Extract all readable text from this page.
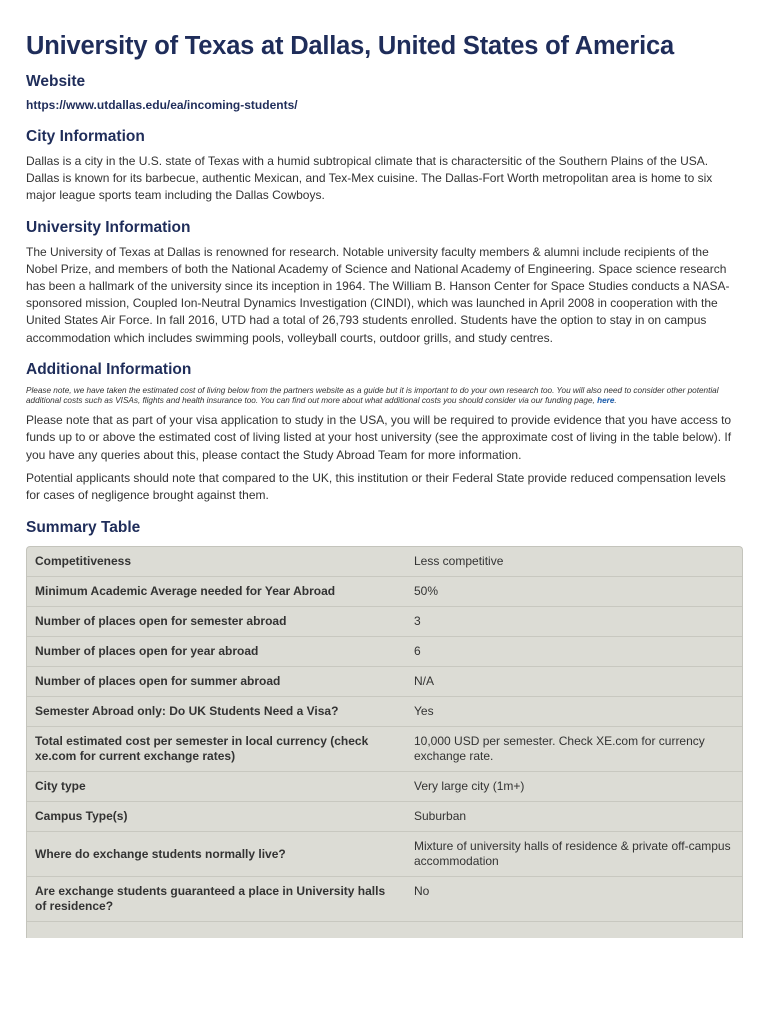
University of Texas at Dallas, United States of America
Website
https://www.utdallas.edu/ea/incoming-students/
City Information

Dallas is a city in the U.S. state of Texas with a humid subtropical climate that is charactersitic of the Southern Plains of the USA. Dallas is known for its barbecue, authentic Mexican, and Tex-Mex cuisine. The Dallas-Fort Worth metropolitan area is home to six major league sports team including the Dallas Cowboys.

University Information

The University of Texas at Dallas is renowned for research. Notable university faculty members & alumni include recipients of the Nobel Prize, and members of both the National Academy of Science and National Academy of Engineering. Space science research has been a hallmark of the university since its inception in 1964. The William B. Hanson Center for Space Studies conducts a NASA-sponsored mission, Coupled Ion-Neutral Dynamics Investigation (CINDI), which was launched in April 2008 in cooperation with the United States Air Force. In fall 2016, UTD had a total of 26,793 students enrolled. Students have the option to stay in on campus accommodation which includes swimming pools, volleyball courts, outdoor grills, and study centres.

Additional Information

Please note, we have taken the estimated cost of living below from the partners website as a guide but it is important to do your own research too. You will also need to consider other potential additional costs such as VISAs, flights and health insurance too. You can find out more about what additional costs you should consider via our funding page, here.

Please note that as part of your visa application to study in the USA, you will be required to provide evidence that you have access to funds up to or above the estimated cost of living listed at your host university (see the approximate cost of living in the table below). If you have any queries about this, please contact the Study Abroad Team for more information.

Potential applicants should note that compared to the UK, this institution or their Federal State provide reduced compensation levels for cases of negligence brought against them.

Summary Table
Competitiveness	Less competitive
Minimum Academic Average needed for Year Abroad	50%
Number of places open for semester abroad	3
Number of places open for year abroad	6
Number of places open for summer abroad	N/A
Semester Abroad only: Do UK Students Need a Visa?	Yes
Total estimated cost per semester in local currency (check xe.com for current exchange rates)	10,000 USD per semester. Check XE.com for currency exchange rate.
City type	Very large city (1m+)
Campus Type(s)	Suburban
Where do exchange students normally live?	Mixture of university halls of residence & private off-campus accommodation
Are exchange students guaranteed a place in University halls of residence?	No
